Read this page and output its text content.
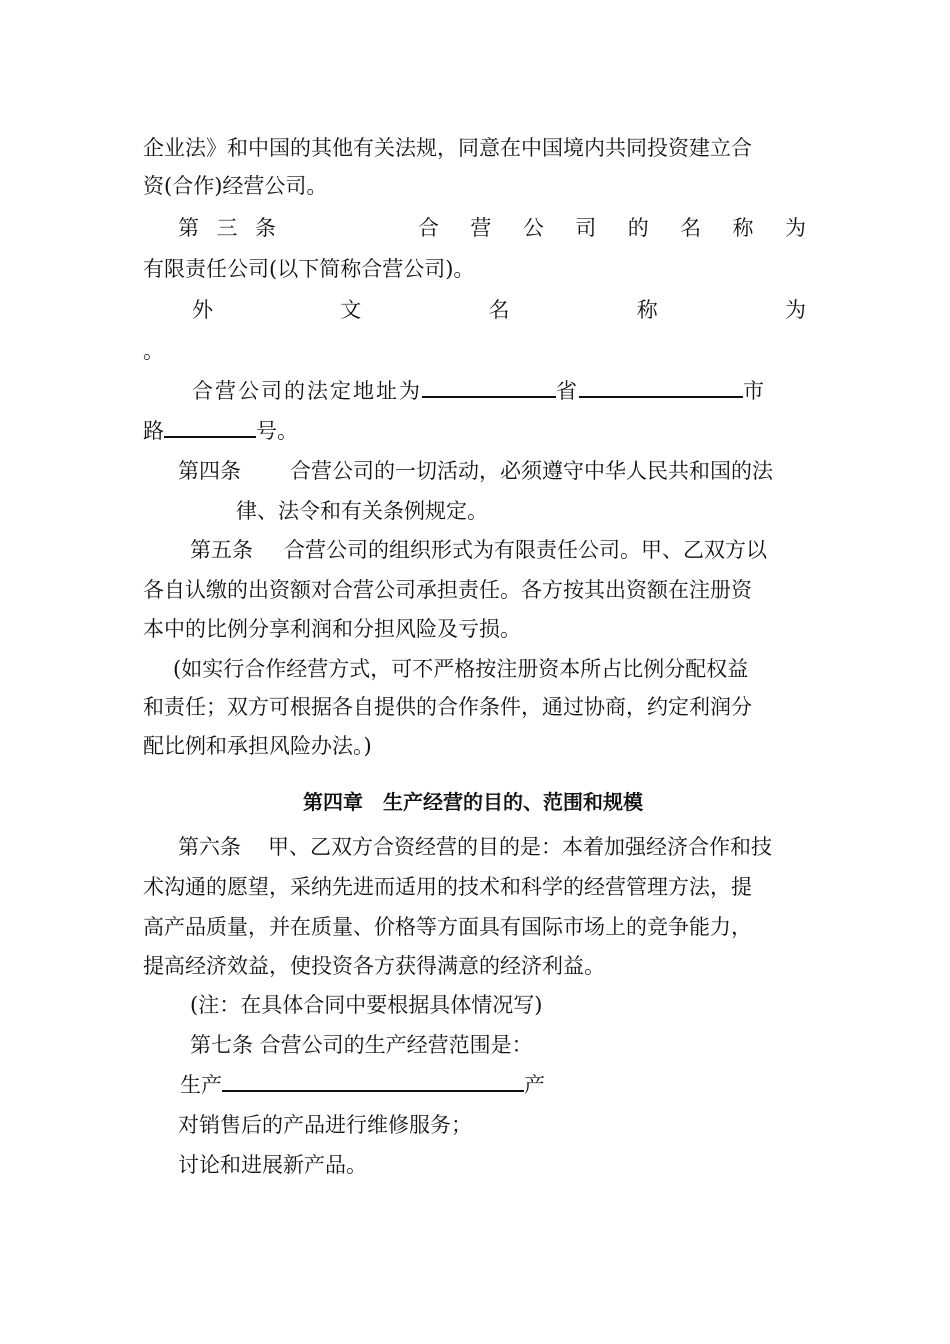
企业法》和中国的其他有关法规，同意在中国境内共同投资建立合
资(合作)经营公司。
第 三 条	合 营 公 司 的 名 称 为
有限责任公司(以下简称合营公司)。
外	文	名	称	为
。
合营公司的法定地址为	省	市
路	号。
第四条 合营公司的一切活动，必须遵守中华人民共和国的法
律、法令和有关条例规定。
第五条 合营公司的组织形式为有限责任公司。甲、乙双方以
各自认缴的出资额对合营公司承担责任。各方按其出资额在注册资
本中的比例分享利润和分担风险及亏损。
(如实行合作经营方式，可不严格按注册资本所占比例分配权益
和责任；双方可根据各自提供的合作条件，通过协商，约定利润分
配比例和承担风险办法。)
第四章　生产经营的目的、范围和规模
第六条 甲、乙双方合资经营的目的是：本着加强经济合作和技
术沟通的愿望，采纳先进而适用的技术和科学的经营管理方法，提
高产品质量，并在质量、价格等方面具有国际市场上的竞争能力，
提高经济效益，使投资各方获得满意的经济利益。
(注：在具体合同中要根据具体情况写)
第七条 合营公司的生产经营范围是：
生产	产
对销售后的产品进行维修服务；
讨论和进展新产品。
